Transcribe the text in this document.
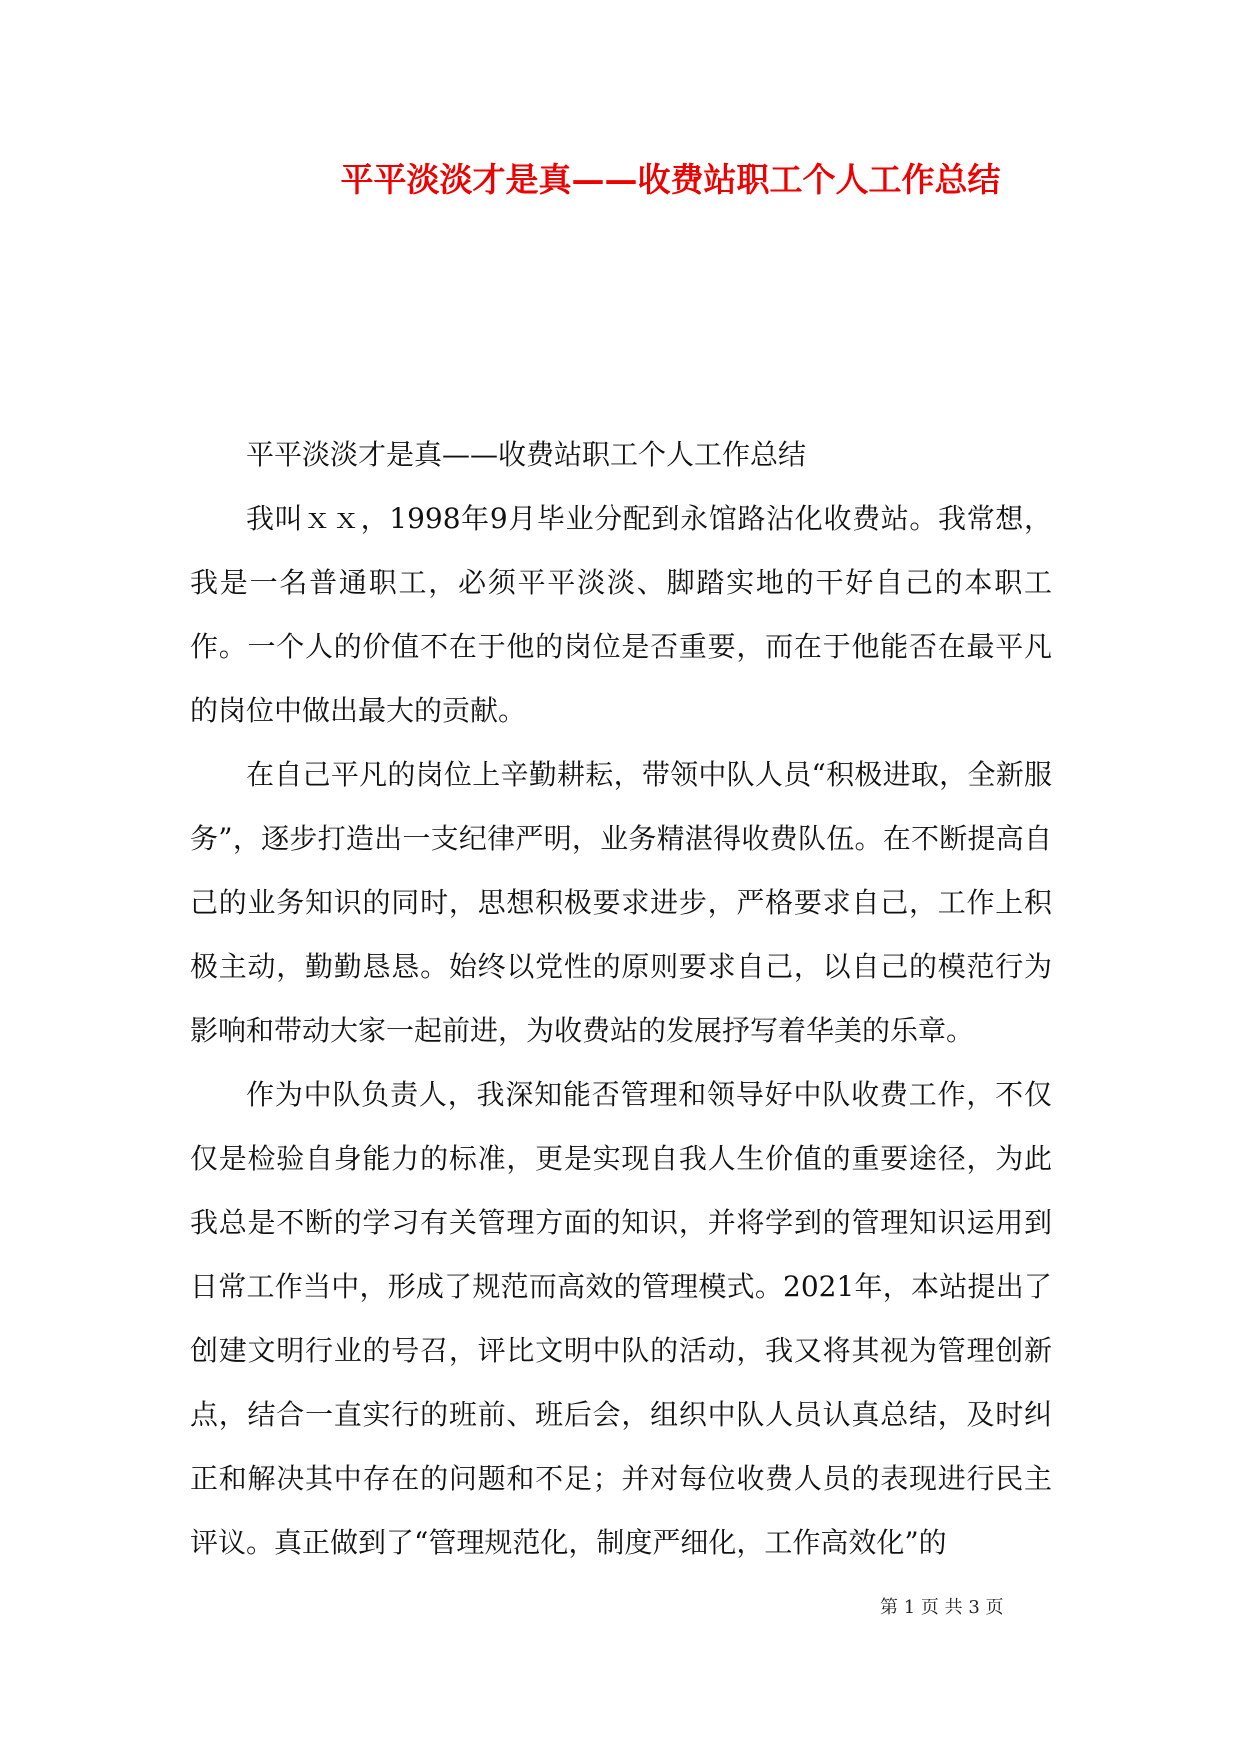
平平淡淡才是真——收费站职工个人工作总结

平平淡淡才是真——收费站职工个人工作总结

我叫ｘｘ，1998年9月毕业分配到永馆路沾化收费站。我常想，我是一名普通职工，必须平平淡淡、脚踏实地的干好自己的本职工作。一个人的价值不在于他的岗位是否重要，而在于他能否在最平凡的岗位中做出最大的贡献。

在自己平凡的岗位上辛勤耕耘，带领中队人员“积极进取，全新服务”，逐步打造出一支纪律严明，业务精湛得收费队伍。在不断提高自己的业务知识的同时，思想积极要求进步，严格要求自己，工作上积极主动，勤勤恳恳。始终以党性的原则要求自己，以自己的模范行为影响和带动大家一起前进，为收费站的发展抒写着华美的乐章。

作为中队负责人，我深知能否管理和领导好中队收费工作，不仅仅是检验自身能力的标准，更是实现自我人生价值的重要途径，为此我总是不断的学习有关管理方面的知识，并将学到的管理知识运用到日常工作当中，形成了规范而高效的管理模式。2021年，本站提出了创建文明行业的号召，评比文明中队的活动，我又将其视为管理创新点，结合一直实行的班前、班后会，组织中队人员认真总结，及时纠正和解决其中存在的问题和不足；并对每位收费人员的表现进行民主评议。真正做到了“管理规范化，制度严细化，工作高效化”的

第 1 页 共 3 页
